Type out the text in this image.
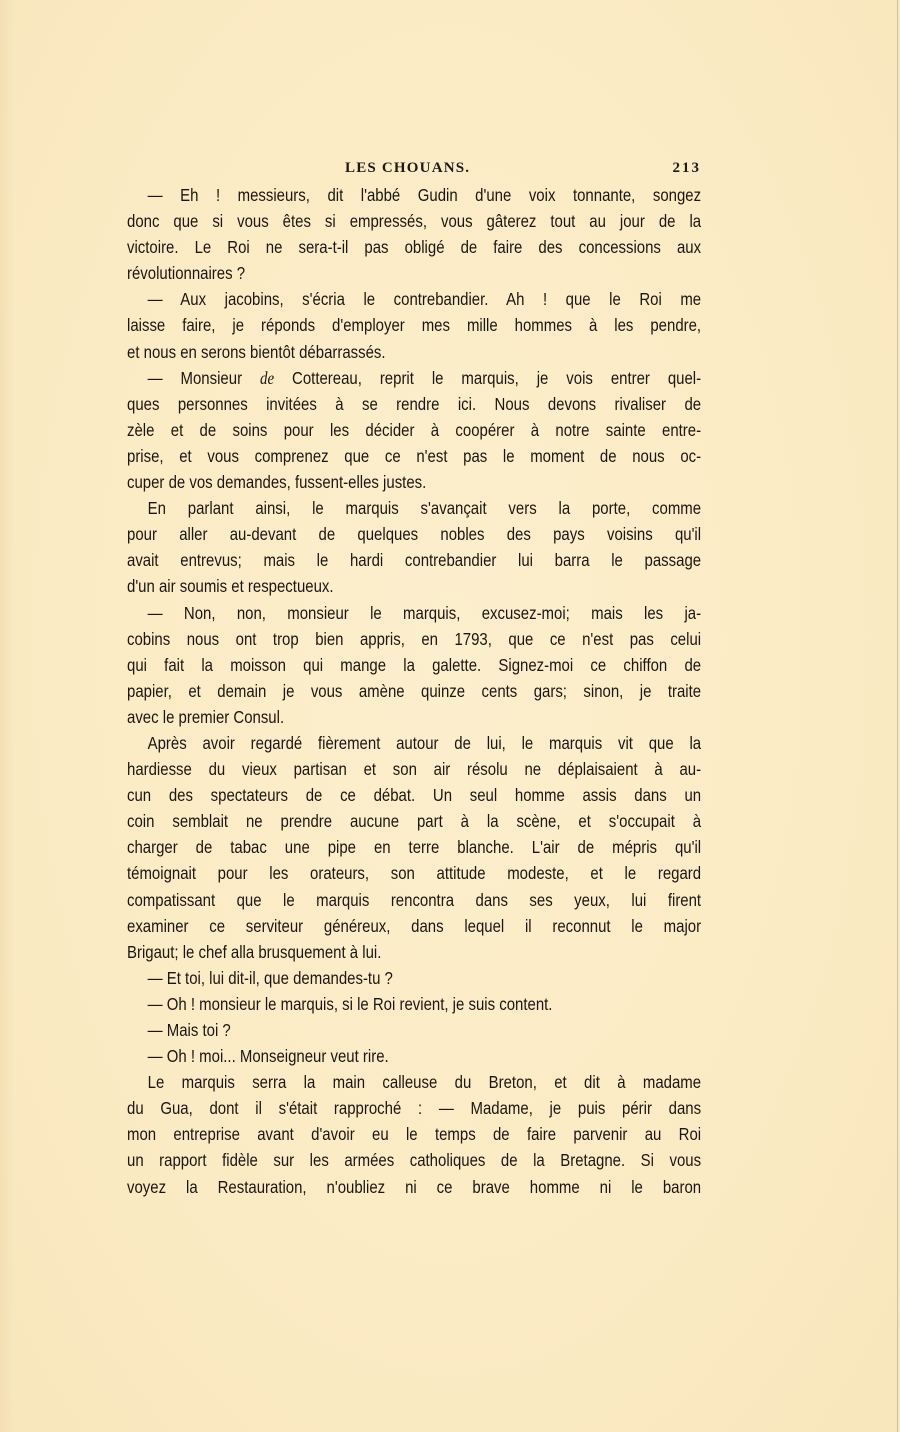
LES CHOUANS.	213
— Eh ! messieurs, dit l'abbé Gudin d'une voix tonnante, songez
donc que si vous êtes si empressés, vous gâterez tout au jour de la
victoire. Le Roi ne sera-t-il pas obligé de faire des concessions aux
révolutionnaires ?
— Aux jacobins, s'écria le contrebandier. Ah ! que le Roi me
laisse faire, je réponds d'employer mes mille hommes à les pendre,
et nous en serons bientôt débarrassés.
— Monsieur de Cottereau, reprit le marquis, je vois entrer quel-
ques personnes invitées à se rendre ici. Nous devons rivaliser de
zèle et de soins pour les décider à coopérer à notre sainte entre-
prise, et vous comprenez que ce n'est pas le moment de nous oc-
cuper de vos demandes, fussent-elles justes.
En parlant ainsi, le marquis s'avançait vers la porte, comme
pour aller au-devant de quelques nobles des pays voisins qu'il
avait entrevus; mais le hardi contrebandier lui barra le passage
d'un air soumis et respectueux.
— Non, non, monsieur le marquis, excusez-moi; mais les ja-
cobins nous ont trop bien appris, en 1793, que ce n'est pas celui
qui fait la moisson qui mange la galette. Signez-moi ce chiffon de
papier, et demain je vous amène quinze cents gars; sinon, je traite
avec le premier Consul.
Après avoir regardé fièrement autour de lui, le marquis vit que la
hardiesse du vieux partisan et son air résolu ne déplaisaient à au-
cun des spectateurs de ce débat. Un seul homme assis dans un
coin semblait ne prendre aucune part à la scène, et s'occupait à
charger de tabac une pipe en terre blanche. L'air de mépris qu'il
témoignait pour les orateurs, son attitude modeste, et le regard
compatissant que le marquis rencontra dans ses yeux, lui firent
examiner ce serviteur généreux, dans lequel il reconnut le major
Brigaut; le chef alla brusquement à lui.
— Et toi, lui dit-il, que demandes-tu ?
— Oh ! monsieur le marquis, si le Roi revient, je suis content.
— Mais toi ?
— Oh ! moi... Monseigneur veut rire.
Le marquis serra la main calleuse du Breton, et dit à madame
du Gua, dont il s'était rapproché : — Madame, je puis périr dans
mon entreprise avant d'avoir eu le temps de faire parvenir au Roi
un rapport fidèle sur les armées catholiques de la Bretagne. Si vous
voyez la Restauration, n'oubliez ni ce brave homme ni le baron
